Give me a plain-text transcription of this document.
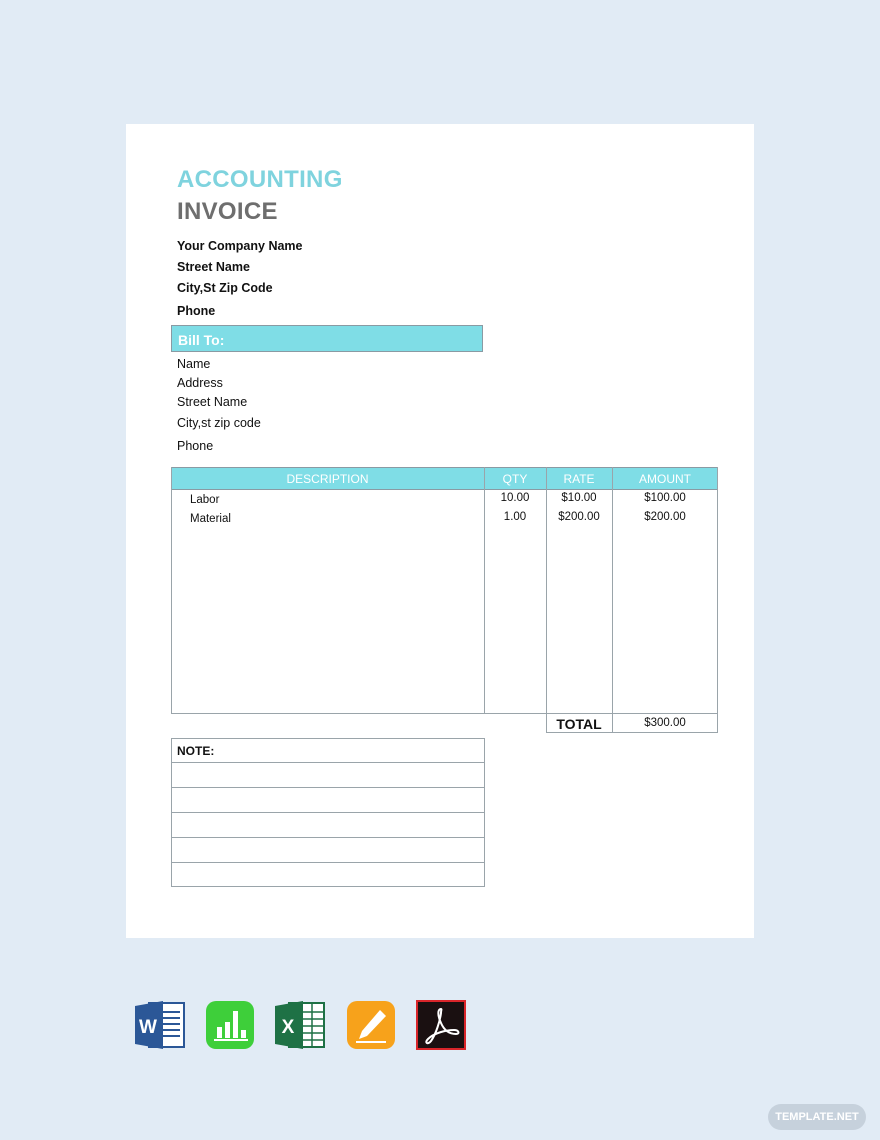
ACCOUNTING
INVOICE
Your Company Name
Street Name
City,St Zip Code
Phone
Bill To:
Name
Address
Street Name
City,st zip code
Phone
DESCRIPTION	QTY	RATE	AMOUNT
Labor	10.00	$10.00	$100.00
Material	1.00	$200.00	$200.00
TOTAL	$300.00
NOTE:
W	X
TEMPLATE.NET
